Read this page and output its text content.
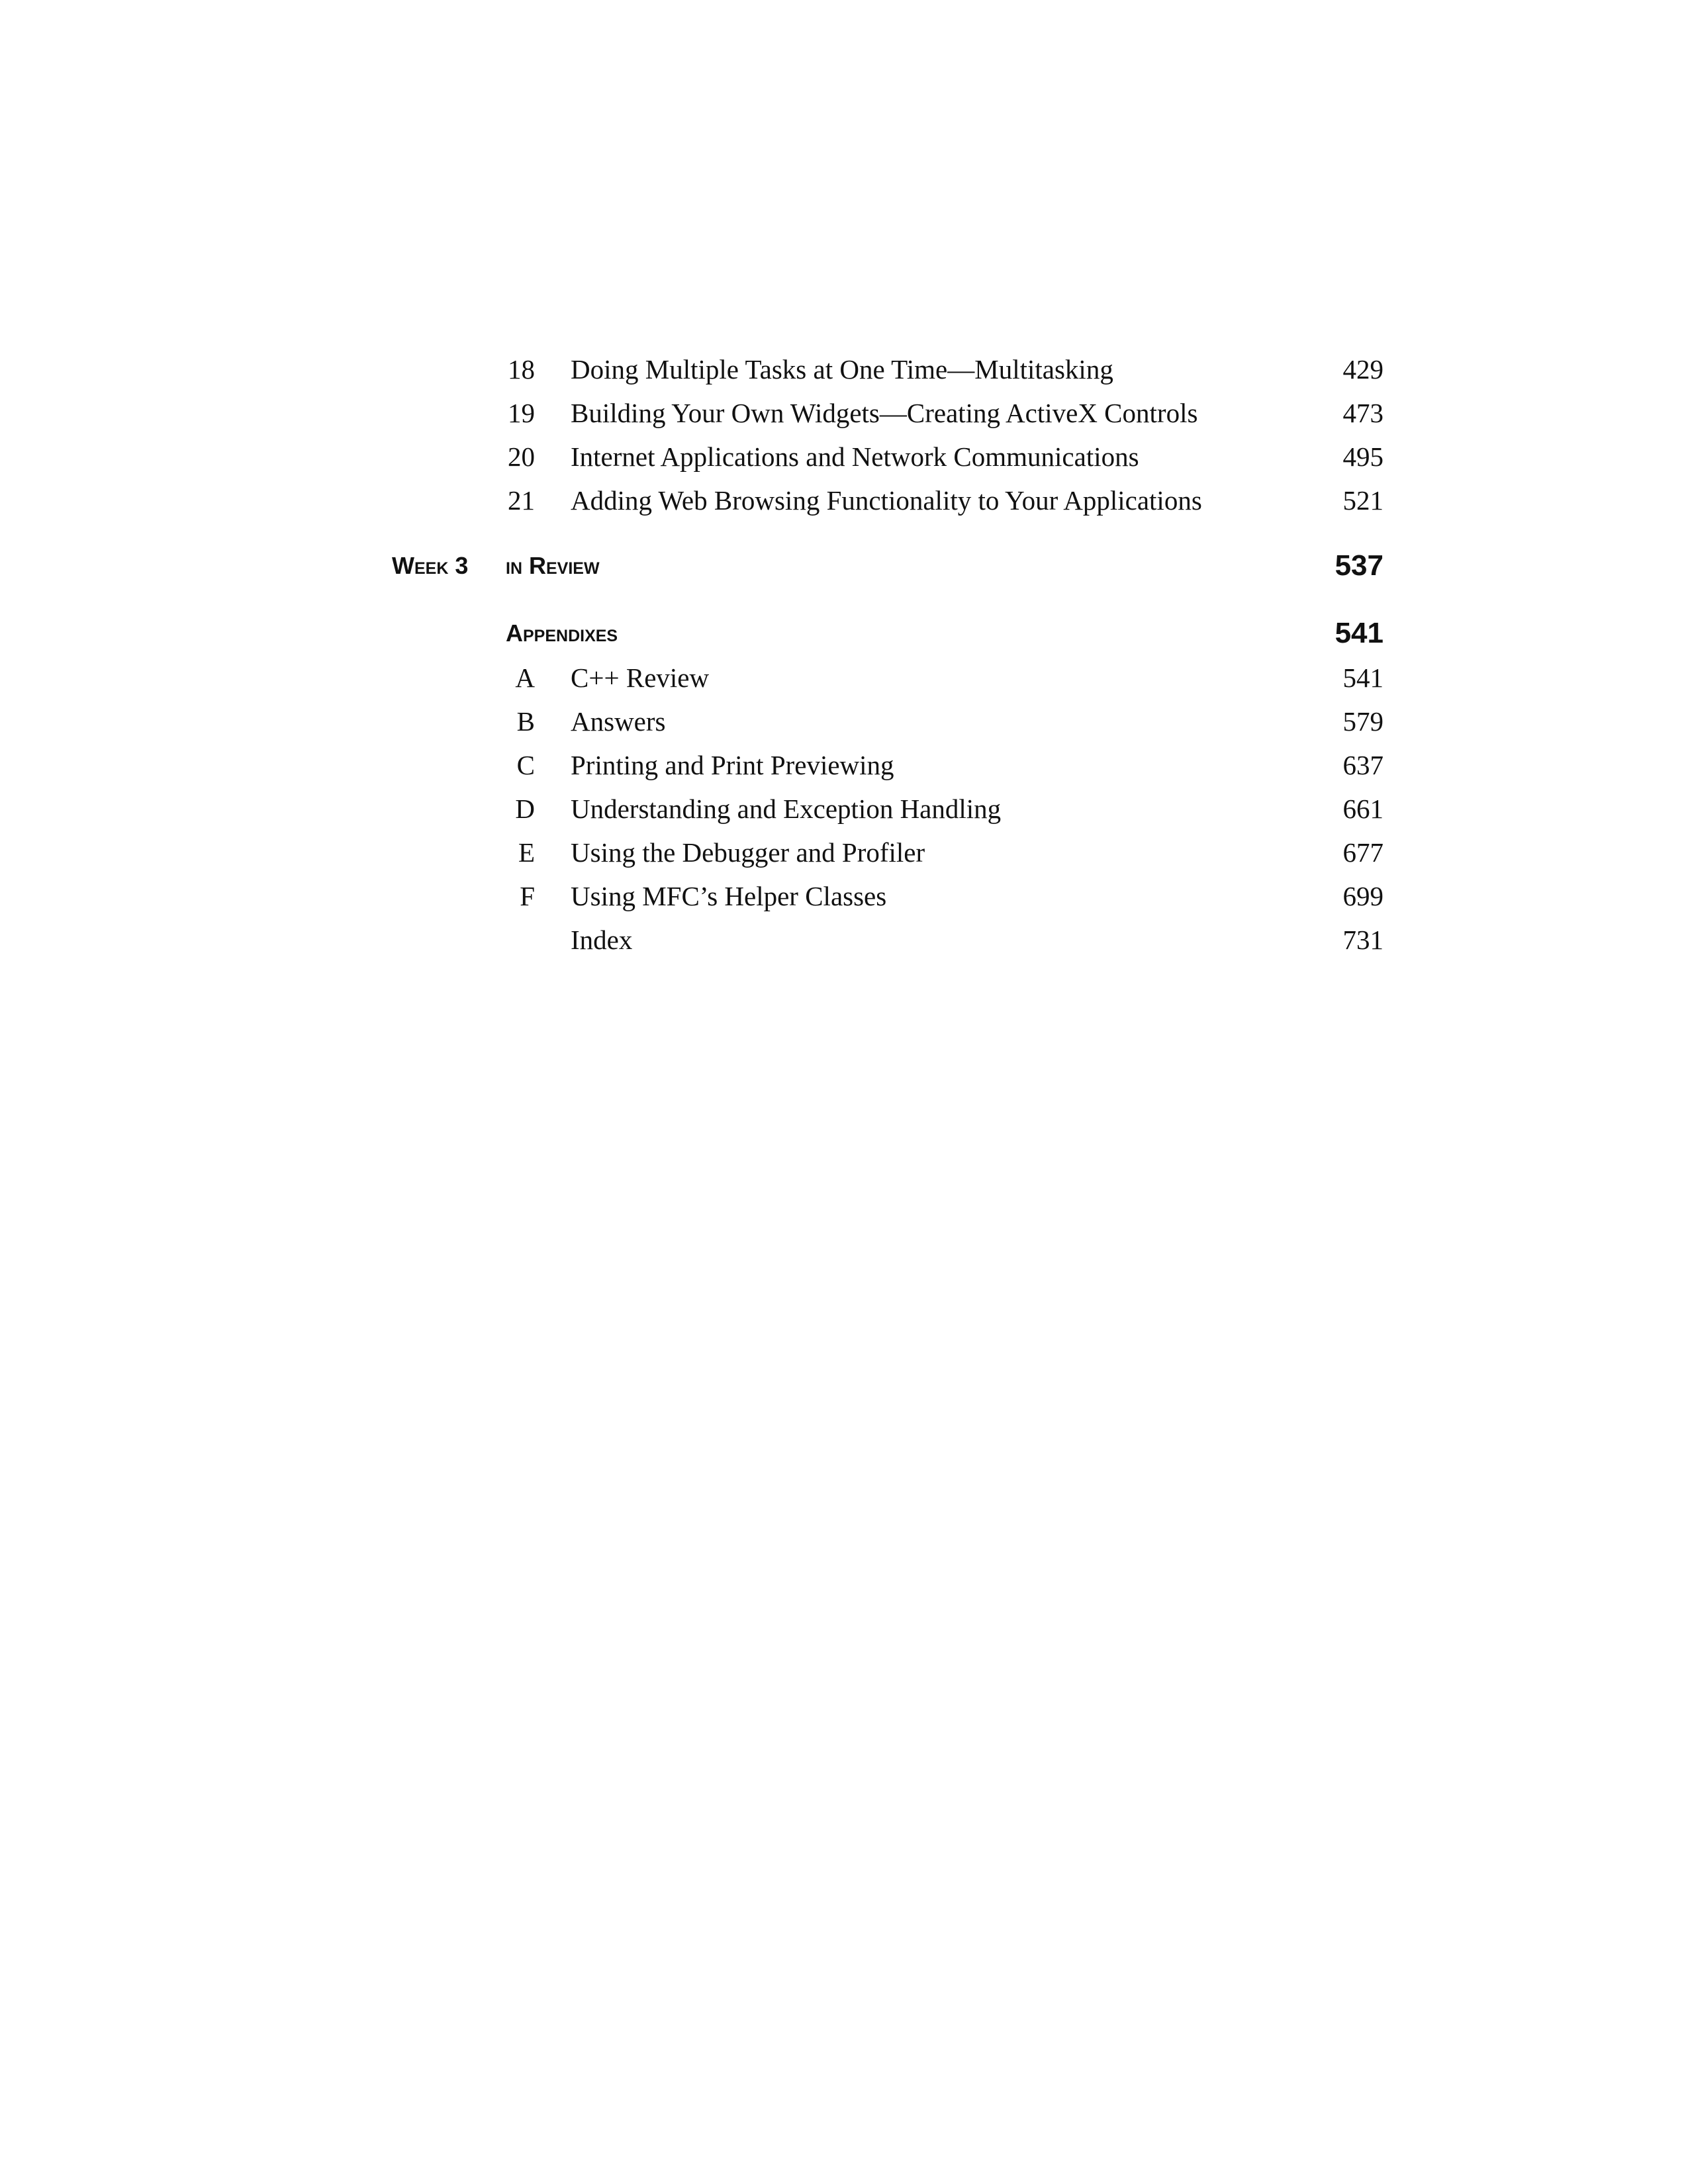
18 Doing Multiple Tasks at One Time—Multitasking	429
19 Building Your Own Widgets—Creating ActiveX Controls	473
20 Internet Applications and Network Communications	495
21 Adding Web Browsing Functionality to Your Applications	521
Week 3 in Review	537
Appendixes	541
A C++ Review	541
B Answers	579
C Printing and Print Previewing	637
D Understanding and Exception Handling	661
E Using the Debugger and Profiler	677
F Using MFC’s Helper Classes	699
Index	731
